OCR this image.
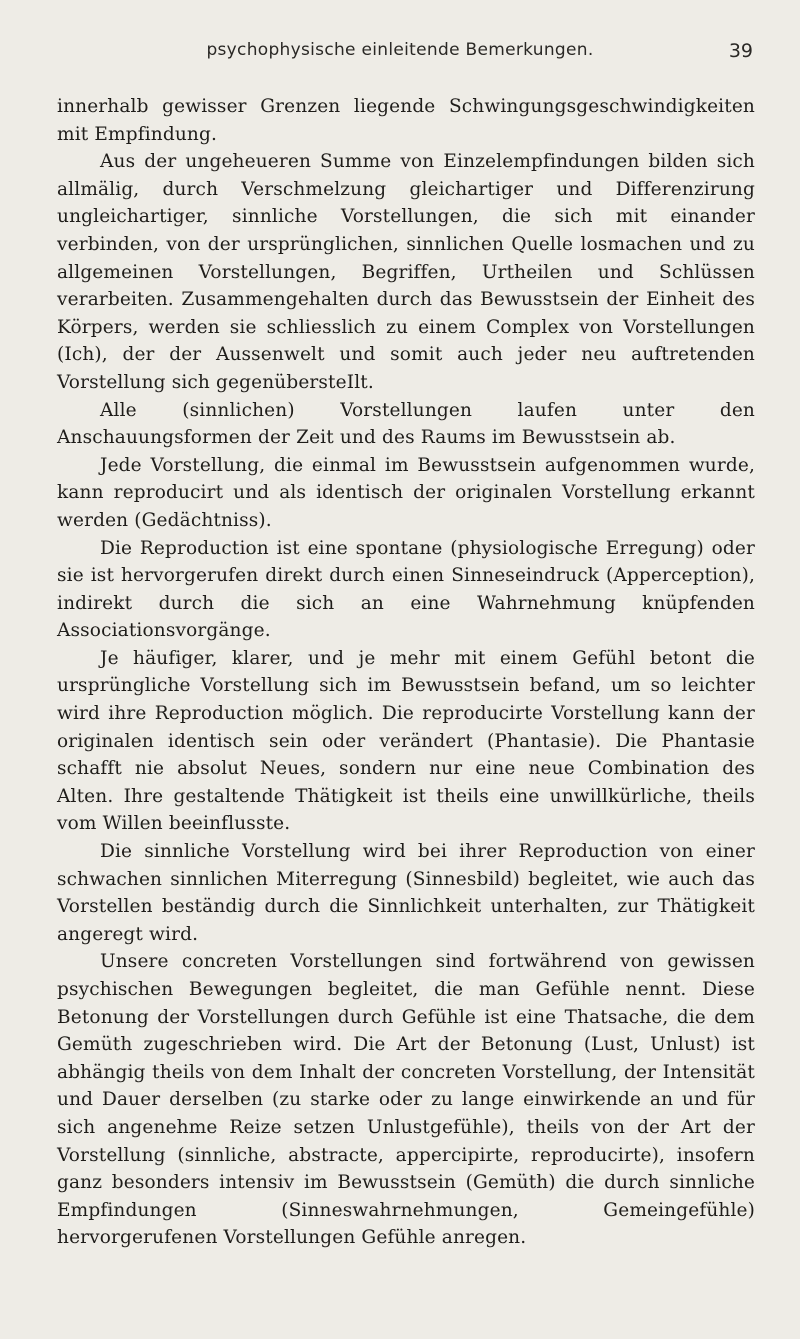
psychophysische einleitende Bemerkungen.	39

innerhalb gewisser Grenzen liegende Schwingungsgeschwindigkeiten mit Empfindung.

Aus der ungeheueren Summe von Einzelempfindungen bilden sich allmälig, durch Verschmelzung gleichartiger und Differenzirung ungleichartiger, sinnliche Vorstellungen, die sich mit einander verbinden, von der ursprünglichen, sinnlichen Quelle losmachen und zu allgemeinen Vorstellungen, Begriffen, Urtheilen und Schlüssen verarbeiten. Zusammengehalten durch das Bewusstsein der Einheit des Körpers, werden sie schliesslich zu einem Complex von Vorstellungen (Ich), der der Aussenwelt und somit auch jeder neu auftretenden Vorstellung sich gegenübersteIlt.

Alle (sinnlichen) Vorstellungen laufen unter den Anschauungsformen der Zeit und des Raums im Bewusstsein ab.

Jede Vorstellung, die einmal im Bewusstsein aufgenommen wurde, kann reproducirt und als identisch der originalen Vorstellung erkannt werden (Gedächtniss).

Die Reproduction ist eine spontane (physiologische Erregung) oder sie ist hervorgerufen direkt durch einen Sinneseindruck (Apperception), indirekt durch die sich an eine Wahrnehmung knüpfenden Associationsvorgänge.

Je häufiger, klarer, und je mehr mit einem Gefühl betont die ursprüngliche Vorstellung sich im Bewusstsein befand, um so leichter wird ihre Reproduction möglich. Die reproducirte Vorstellung kann der originalen identisch sein oder verändert (Phantasie). Die Phantasie schafft nie absolut Neues, sondern nur eine neue Combination des Alten. Ihre gestaltende Thätigkeit ist theils eine unwillkürliche, theils vom Willen beeinflusste.

Die sinnliche Vorstellung wird bei ihrer Reproduction von einer schwachen sinnlichen Miterregung (Sinnesbild) begleitet, wie auch das Vorstellen beständig durch die Sinnlichkeit unterhalten, zur Thätigkeit angeregt wird.

Unsere concreten Vorstellungen sind fortwährend von gewissen psychischen Bewegungen begleitet, die man Gefühle nennt. Diese Betonung der Vorstellungen durch Gefühle ist eine Thatsache, die dem Gemüth zugeschrieben wird. Die Art der Betonung (Lust, Unlust) ist abhängig theils von dem Inhalt der concreten Vorstellung, der Intensität und Dauer derselben (zu starke oder zu lange einwirkende an und für sich angenehme Reize setzen Unlustgefühle), theils von der Art der Vorstellung (sinnliche, abstracte, appercipirte, reproducirte), insofern ganz besonders intensiv im Bewusstsein (Gemüth) die durch sinnliche Empfindungen (Sinneswahrnehmungen, Gemeingefühle) hervorgerufenen Vorstellungen Gefühle anregen.
